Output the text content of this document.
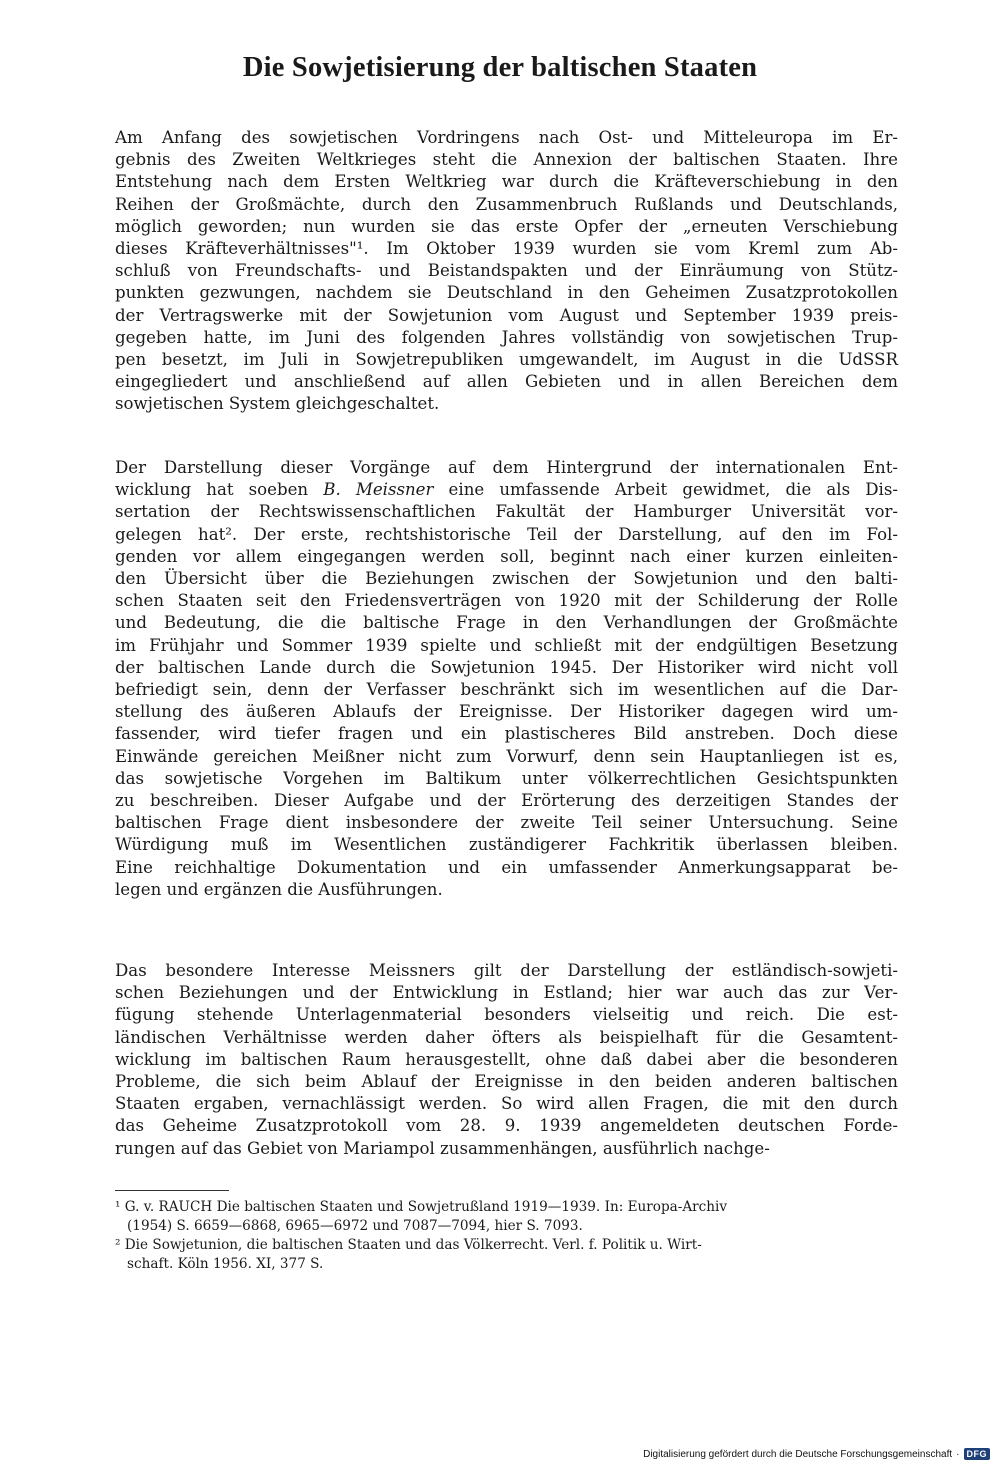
Die Sowjetisierung der baltischen Staaten
Am Anfang des sowjetischen Vordringens nach Ost- und Mitteleuropa im Er-
gebnis des Zweiten Weltkrieges steht die Annexion der baltischen Staaten. Ihre
Entstehung nach dem Ersten Weltkrieg war durch die Kräfteverschiebung in den
Reihen der Großmächte, durch den Zusammenbruch Rußlands und Deutschlands,
möglich geworden; nun wurden sie das erste Opfer der „erneuten Verschiebung
dieses Kräfteverhältnisses"¹. Im Oktober 1939 wurden sie vom Kreml zum Ab-
schluß von Freundschafts- und Beistandspakten und der Einräumung von Stütz-
punkten gezwungen, nachdem sie Deutschland in den Geheimen Zusatzprotokollen
der Vertragswerke mit der Sowjetunion vom August und September 1939 preis-
gegeben hatte, im Juni des folgenden Jahres vollständig von sowjetischen Trup-
pen besetzt, im Juli in Sowjetrepubliken umgewandelt, im August in die UdSSR
eingegliedert und anschließend auf allen Gebieten und in allen Bereichen dem
sowjetischen System gleichgeschaltet.
Der Darstellung dieser Vorgänge auf dem Hintergrund der internationalen Ent-
wicklung hat soeben B. Meissner eine umfassende Arbeit gewidmet, die als Dis-
sertation der Rechtswissenschaftlichen Fakultät der Hamburger Universität vor-
gelegen hat². Der erste, rechtshistorische Teil der Darstellung, auf den im Fol-
genden vor allem eingegangen werden soll, beginnt nach einer kurzen einleiten-
den Übersicht über die Beziehungen zwischen der Sowjetunion und den balti-
schen Staaten seit den Friedensverträgen von 1920 mit der Schilderung der Rolle
und Bedeutung, die die baltische Frage in den Verhandlungen der Großmächte
im Frühjahr und Sommer 1939 spielte und schließt mit der endgültigen Besetzung
der baltischen Lande durch die Sowjetunion 1945. Der Historiker wird nicht voll
befriedigt sein, denn der Verfasser beschränkt sich im wesentlichen auf die Dar-
stellung des äußeren Ablaufs der Ereignisse. Der Historiker dagegen wird um-
fassender, wird tiefer fragen und ein plastischeres Bild anstreben. Doch diese
Einwände gereichen Meißner nicht zum Vorwurf, denn sein Hauptanliegen ist es,
das sowjetische Vorgehen im Baltikum unter völkerrechtlichen Gesichtspunkten
zu beschreiben. Dieser Aufgabe und der Erörterung des derzeitigen Standes der
baltischen Frage dient insbesondere der zweite Teil seiner Untersuchung. Seine
Würdigung muß im Wesentlichen zuständigerer Fachkritik überlassen bleiben.
Eine reichhaltige Dokumentation und ein umfassender Anmerkungsapparat be-
legen und ergänzen die Ausführungen.
Das besondere Interesse Meissners gilt der Darstellung der estländisch-sowjeti-
schen Beziehungen und der Entwicklung in Estland; hier war auch das zur Ver-
fügung stehende Unterlagenmaterial besonders vielseitig und reich. Die est-
ländischen Verhältnisse werden daher öfters als beispielhaft für die Gesamtent-
wicklung im baltischen Raum herausgestellt, ohne daß dabei aber die besonderen
Probleme, die sich beim Ablauf der Ereignisse in den beiden anderen baltischen
Staaten ergaben, vernachlässigt werden. So wird allen Fragen, die mit den durch
das Geheime Zusatzprotokoll vom 28. 9. 1939 angemeldeten deutschen Forde-
rungen auf das Gebiet von Mariampol zusammenhängen, ausführlich nachge-
¹ G. v. RAUCH Die baltischen Staaten und Sowjetrußland 1919—1939. In: Europa-Archiv
(1954) S. 6659—6868, 6965—6972 und 7087—7094, hier S. 7093.
² Die Sowjetunion, die baltischen Staaten und das Völkerrecht. Verl. f. Politik u. Wirt-
schaft. Köln 1956. XI, 377 S.
Digitalisierung gefördert durch die Deutsche Forschungsgemeinschaft · DFG
